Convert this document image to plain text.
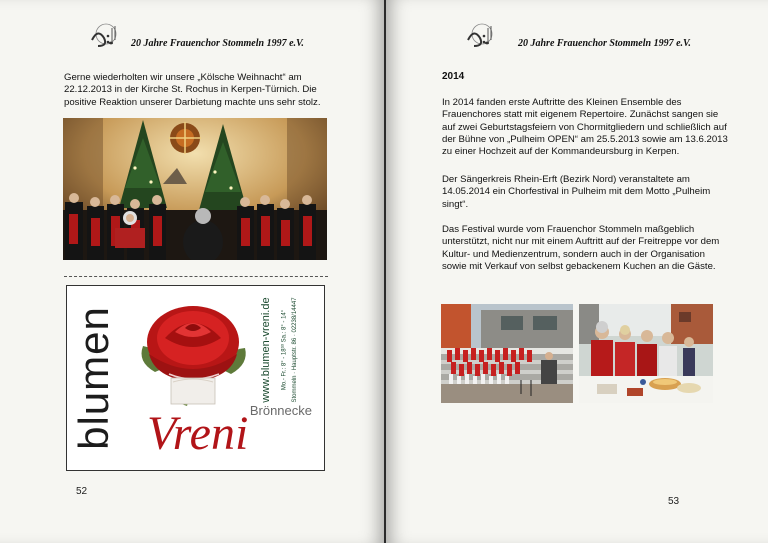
20 Jahre Frauenchor Stommeln 1997 e.V.
Gerne wiederholten wir unsere „Kölsche Weihnacht“ am 22.12.2013 in der Kirche St. Rochus in Kerpen-Türnich. Die positive Reaktion unserer Darbietung machte uns sehr stolz.
blumen	www.blumen-vreni.de Mo.- Fr.: 8° - 18³⁰ Sa.: 8° - 14° Stommeln · Hauptstr. 86 · 02238/14447
Brönnecke
Vreni
52
20 Jahre Frauenchor Stommeln 1997 e.V.
2014
In 2014 fanden erste Auftritte des Kleinen Ensemble des Frauenchores statt mit eigenem Repertoire. Zunächst sangen sie auf zwei Geburtstagsfeiern von Chormitgliedern und schließlich auf der Bühne von „Pulheim OPEN“ am 25.5.2013 sowie am 13.6.2013 zu einer Hochzeit auf der Kommandeursburg in Kerpen.
Der Sängerkreis Rhein-Erft (Bezirk Nord) veranstaltete am 14.05.2014 ein Chorfestival in Pulheim mit dem Motto „Pulheim singt“.
Das Festival wurde vom Frauenchor Stommeln maßgeblich unterstützt, nicht nur mit einem Auftritt auf der Freitreppe vor dem Kultur- und Medienzentrum, sondern auch in der Organisation sowie mit Verkauf von selbst gebackenem Kuchen an die Gäste.
53
